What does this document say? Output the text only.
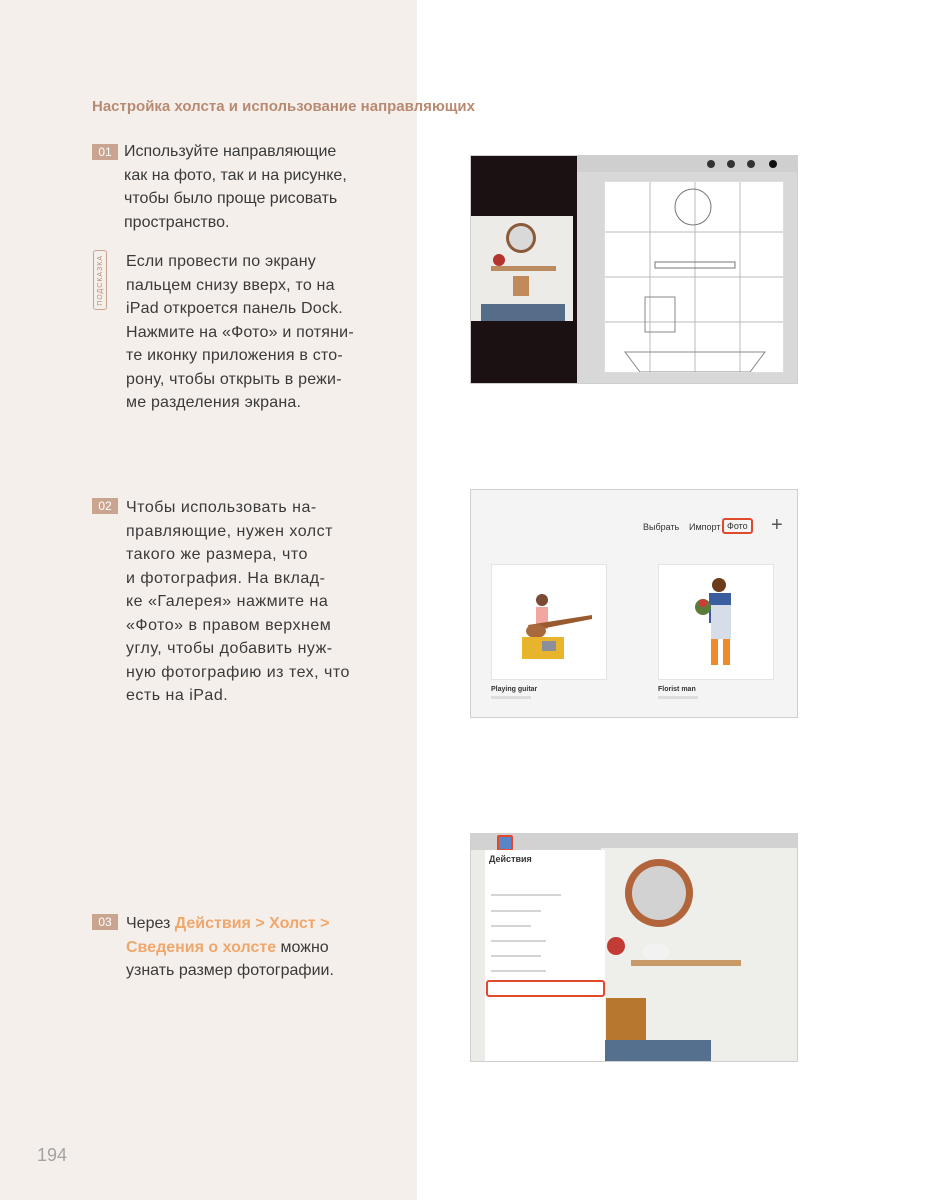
Настройка холста и использование направляющих
01 Используйте направляющие
как на фото, так и на рисунке,
чтобы было проще рисовать
пространство.
ПОДСКАЗКА Если провести по экрану
пальцем снизу вверх, то на
iPad откроется панель Dock.
Нажмите на «Фото» и потяни-
те иконку приложения в сто-
рону, чтобы открыть в режи-
ме разделения экрана.
02 Чтобы использовать на-
правляющие, нужен холст
такого же размера, что
и фотография. На вклад-
ке «Галерея» нажмите на
«Фото» в правом верхнем
углу, чтобы добавить нуж-
ную фотографию из тех, что
есть на iPad.
03 Через Действия > Холст >
Сведения о холсте можно
узнать размер фотографии.
Выбрать Импорт Фото +
Playing guitar	Florist man
Действия
194
